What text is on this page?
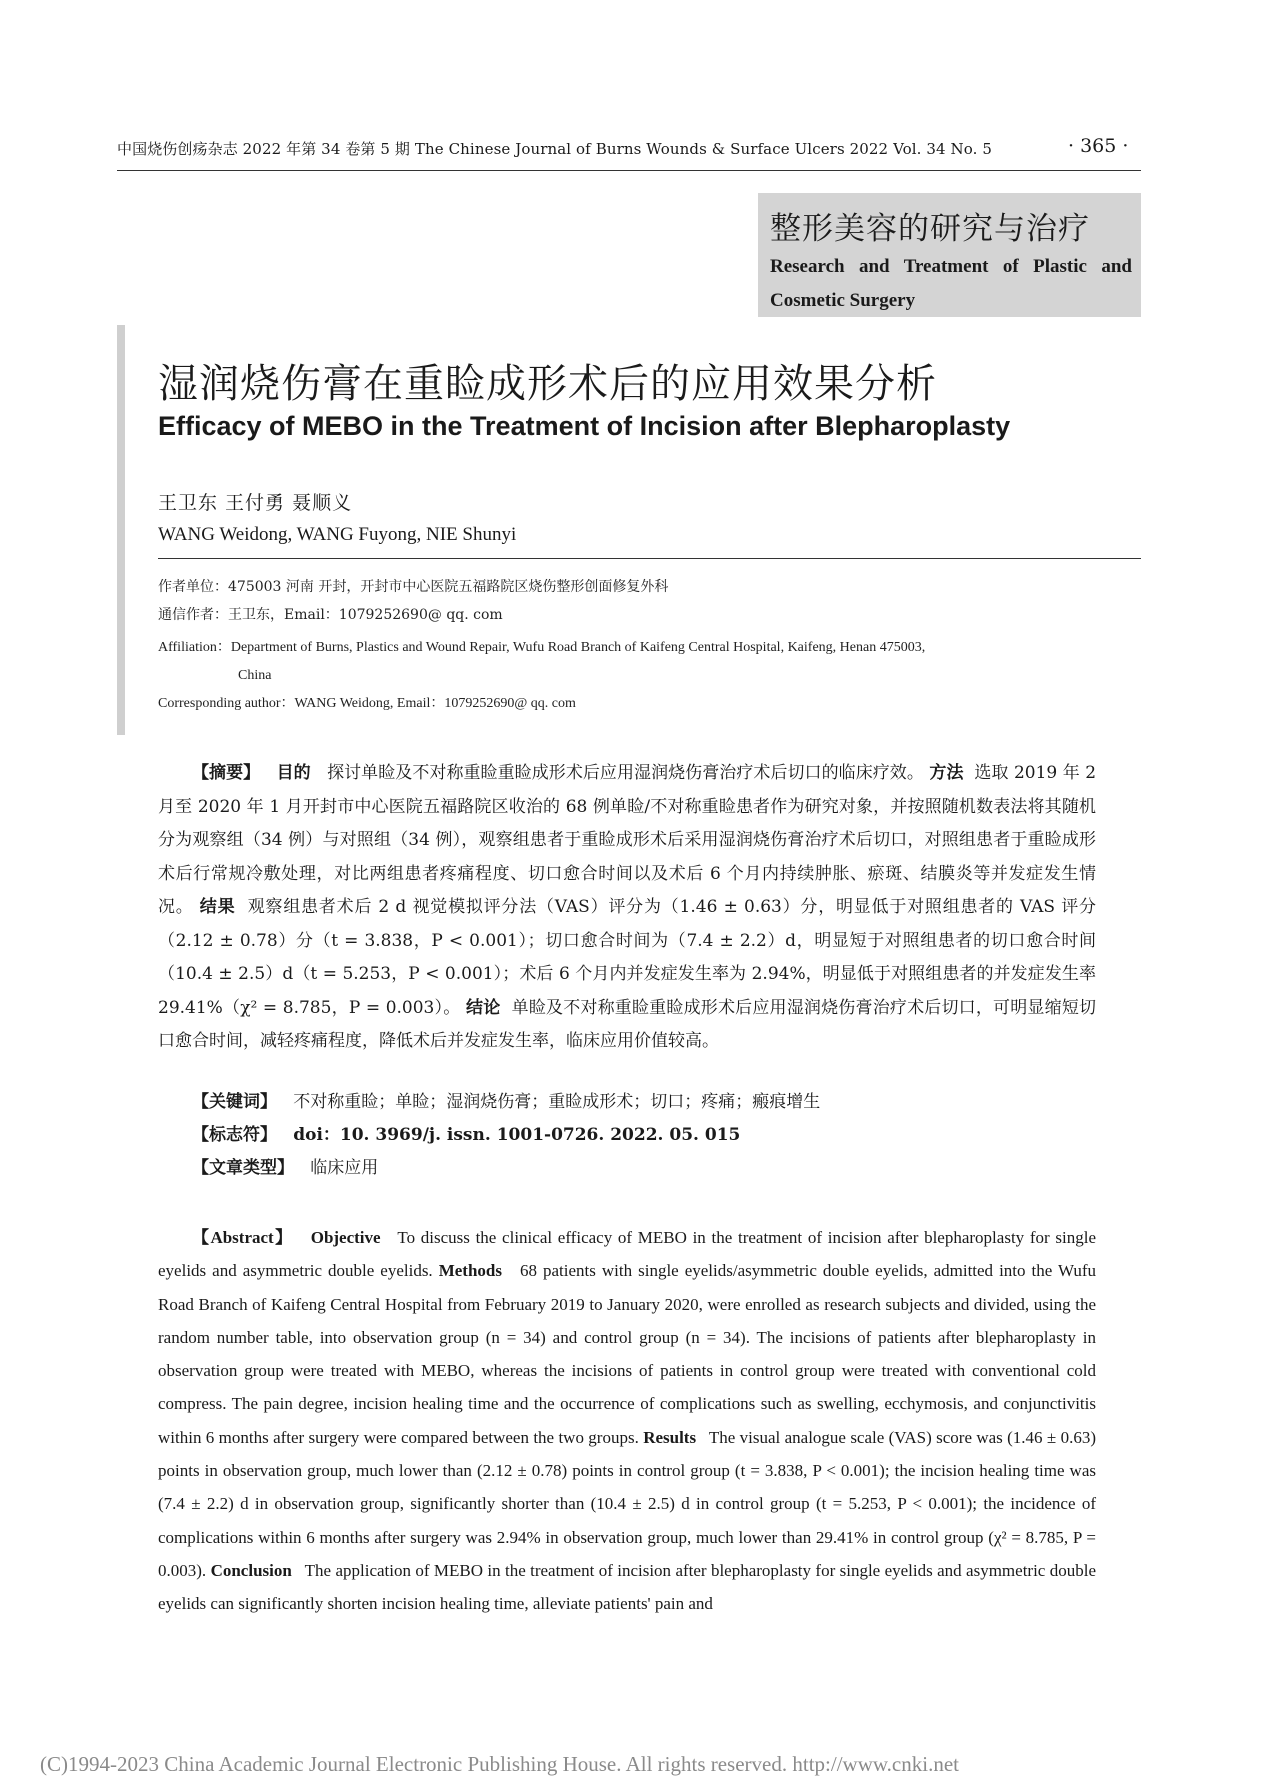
中国烧伤创疡杂志 2022 年第 34 卷第 5 期 The Chinese Journal of Burns Wounds & Surface Ulcers 2022 Vol. 34 No. 5	· 365 ·
整形美容的研究与治疗
Research and Treatment of Plastic and Cosmetic Surgery
湿润烧伤膏在重睑成形术后的应用效果分析
Efficacy of MEBO in the Treatment of Incision after Blepharoplasty
王卫东 王付勇 聂顺义
WANG Weidong, WANG Fuyong, NIE Shunyi
作者单位：475003 河南 开封，开封市中心医院五福路院区烧伤整形创面修复外科
通信作者：王卫东，Email：1079252690@ qq. com
Affiliation：Department of Burns, Plastics and Wound Repair, Wufu Road Branch of Kaifeng Central Hospital, Kaifeng, Henan 475003,
China
Corresponding author：WANG Weidong, Email：1079252690@ qq. com
【摘要】 目的 探讨单睑及不对称重睑重睑成形术后应用湿润烧伤膏治疗术后切口的临床疗效。 方法 选取 2019 年 2 月至 2020 年 1 月开封市中心医院五福路院区收治的 68 例单睑/不对称重睑患者作为研究对象，并按照随机数表法将其随机分为观察组（34 例）与对照组（34 例），观察组患者于重睑成形术后采用湿润烧伤膏治疗术后切口，对照组患者于重睑成形术后行常规冷敷处理，对比两组患者疼痛程度、切口愈合时间以及术后 6 个月内持续肿胀、瘀斑、结膜炎等并发症发生情况。 结果 观察组患者术后 2 d 视觉模拟评分法（VAS）评分为（1.46 ± 0.63）分，明显低于对照组患者的 VAS 评分（2.12 ± 0.78）分（t = 3.838，P < 0.001）；切口愈合时间为（7.4 ± 2.2）d，明显短于对照组患者的切口愈合时间（10.4 ± 2.5）d（t = 5.253，P < 0.001）；术后 6 个月内并发症发生率为 2.94%，明显低于对照组患者的并发症发生率 29.41%（χ² = 8.785，P = 0.003）。 结论 单睑及不对称重睑重睑成形术后应用湿润烧伤膏治疗术后切口，可明显缩短切口愈合时间，减轻疼痛程度，降低术后并发症发生率，临床应用价值较高。
【关键词】 不对称重睑；单睑；湿润烧伤膏；重睑成形术；切口；疼痛；瘢痕增生
【标志符】 doi：10. 3969/j. issn. 1001-0726. 2022. 05. 015
【文章类型】 临床应用
【Abstract】 Objective To discuss the clinical efficacy of MEBO in the treatment of incision after blepharoplasty for single eyelids and asymmetric double eyelids. Methods 68 patients with single eyelids/asymmetric double eyelids, admitted into the Wufu Road Branch of Kaifeng Central Hospital from February 2019 to January 2020, were enrolled as research subjects and divided, using the random number table, into observation group (n = 34) and control group (n = 34). The incisions of patients after blepharoplasty in observation group were treated with MEBO, whereas the incisions of patients in control group were treated with conventional cold compress. The pain degree, incision healing time and the occurrence of complications such as swelling, ecchymosis, and conjunctivitis within 6 months after surgery were compared between the two groups. Results The visual analogue scale (VAS) score was (1.46 ± 0.63) points in observation group, much lower than (2.12 ± 0.78) points in control group (t = 3.838, P < 0.001); the incision healing time was (7.4 ± 2.2) d in observation group, significantly shorter than (10.4 ± 2.5) d in control group (t = 5.253, P < 0.001); the incidence of complications within 6 months after surgery was 2.94% in observation group, much lower than 29.41% in control group (χ² = 8.785, P = 0.003). Conclusion The application of MEBO in the treatment of incision after blepharoplasty for single eyelids and asymmetric double eyelids can significantly shorten incision healing time, alleviate patients' pain and
(C)1994-2023 China Academic Journal Electronic Publishing House. All rights reserved. http://www.cnki.net
